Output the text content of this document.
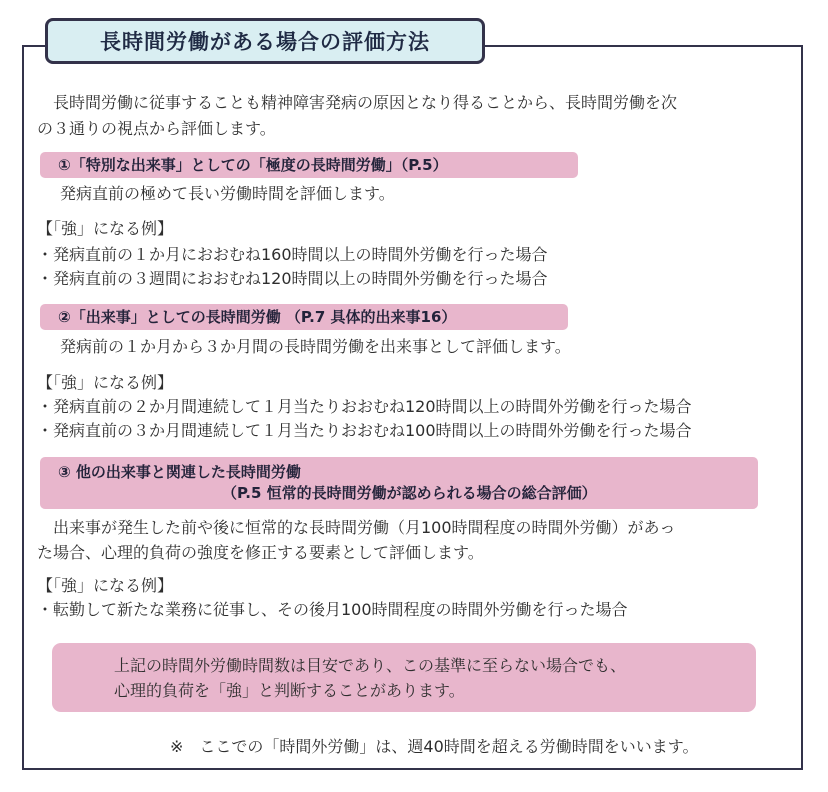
長時間労働がある場合の評価方法
長時間労働に従事することも精神障害発病の原因となり得ることから、長時間労働を次
の３通りの視点から評価します。
①「特別な出来事」としての「極度の長時間労働」（P.5）
発病直前の極めて長い労働時間を評価します。
【「強」になる例】
・発病直前の１か月におおむね160時間以上の時間外労働を行った場合
・発病直前の３週間におおむね120時間以上の時間外労働を行った場合
②「出来事」としての長時間労働 （P.7 具体的出来事16）
発病前の１か月から３か月間の長時間労働を出来事として評価します。
【「強」になる例】
・発病直前の２か月間連続して１月当たりおおむね120時間以上の時間外労働を行った場合
・発病直前の３か月間連続して１月当たりおおむね100時間以上の時間外労働を行った場合
③ 他の出来事と関連した長時間労働
（P.5 恒常的長時間労働が認められる場合の総合評価）
出来事が発生した前や後に恒常的な長時間労働（月100時間程度の時間外労働）があっ
た場合、心理的負荷の強度を修正する要素として評価します。
【「強」になる例】
・転勤して新たな業務に従事し、その後月100時間程度の時間外労働を行った場合
上記の時間外労働時間数は目安であり、この基準に至らない場合でも、
心理的負荷を「強」と判断することがあります。
※　ここでの「時間外労働」は、週40時間を超える労働時間をいいます。
